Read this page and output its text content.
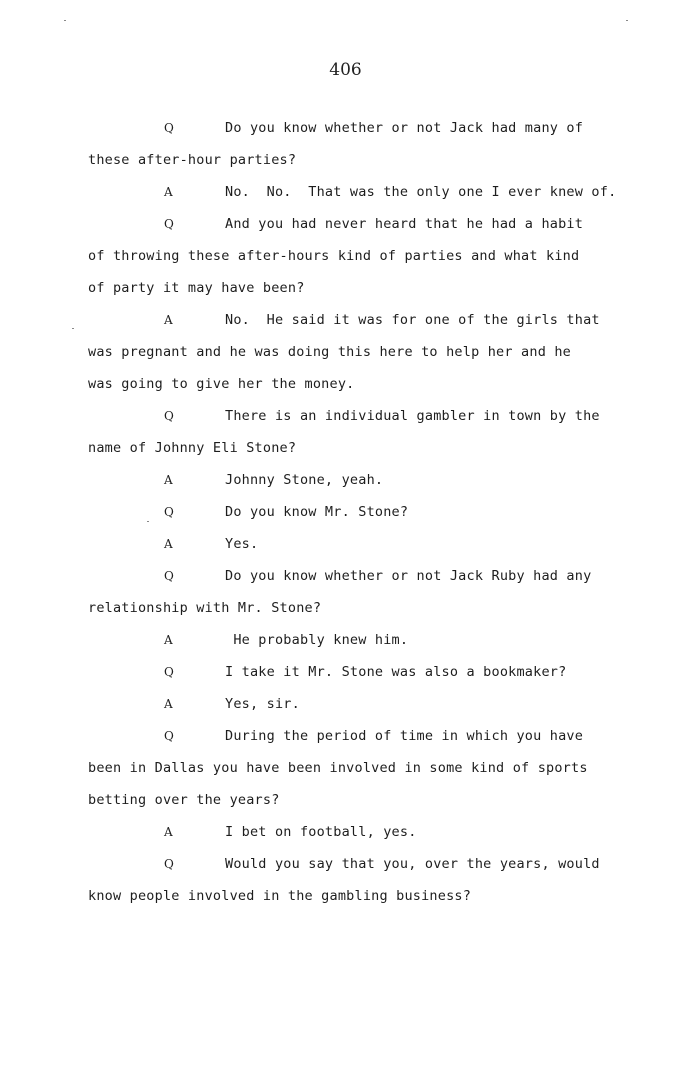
406
Q	Do you know whether or not Jack had many of
these after-hour parties?
A	No.  No.  That was the only one I ever knew of.
Q	And you had never heard that he had a habit
of throwing these after-hours kind of parties and what kind
of party it may have been?
A	No.  He said it was for one of the girls that
was pregnant and he was doing this here to help her and he
was going to give her the money.
Q	There is an individual gambler in town by the
name of Johnny Eli Stone?
A	Johnny Stone, yeah.
Q	Do you know Mr. Stone?
A	Yes.
Q	Do you know whether or not Jack Ruby had any
relationship with Mr. Stone?
A	He probably knew him.
Q	I take it Mr. Stone was also a bookmaker?
A	Yes, sir.
Q	During the period of time in which you have
been in Dallas you have been involved in some kind of sports
betting over the years?
A	I bet on football, yes.
Q	Would you say that you, over the years, would
know people involved in the gambling business?
